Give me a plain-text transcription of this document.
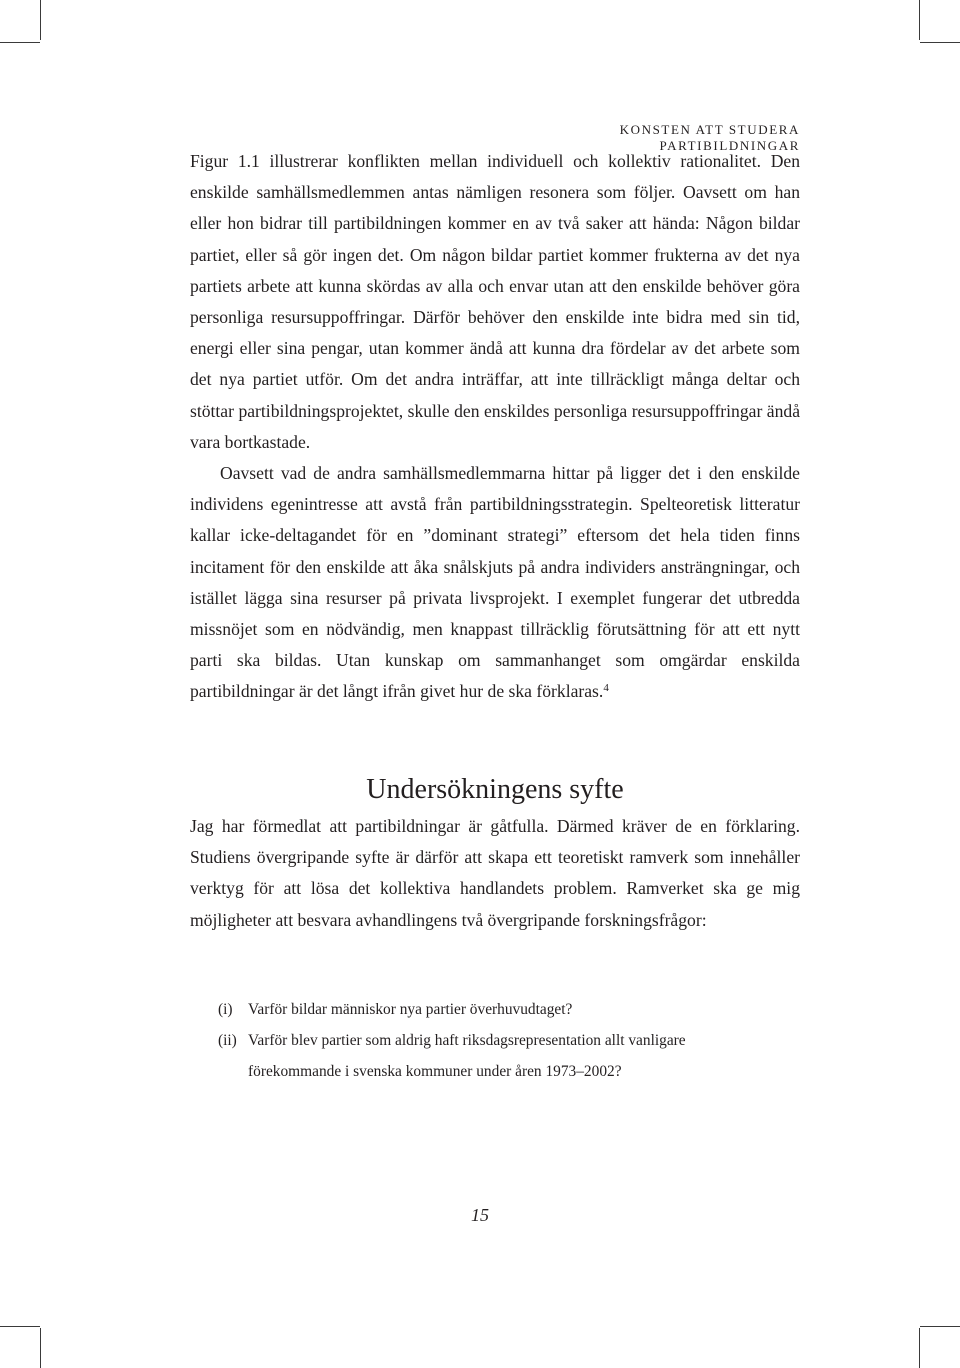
KONSTEN ATT STUDERA PARTIBILDNINGAR

Figur 1.1 illustrerar konflikten mellan individuell och kollektiv rationalitet. Den enskilde samhällsmedlemmen antas nämligen resonera som följer. Oavsett om han eller hon bidrar till partibildningen kommer en av två saker att hända: Någon bildar partiet, eller så gör ingen det. Om någon bildar partiet kommer frukterna av det nya partiets arbete att kunna skördas av alla och envar utan att den enskilde behöver göra personliga resursuppoffringar. Därför behöver den enskilde inte bidra med sin tid, energi eller sina pengar, utan kommer ändå att kunna dra fördelar av det arbete som det nya partiet utför. Om det andra inträffar, att inte tillräckligt många deltar och stöttar partibildningsprojektet, skulle den enskildes personliga resursuppoffringar ändå vara bortkastade.

Oavsett vad de andra samhällsmedlemmarna hittar på ligger det i den enskilde individens egenintresse att avstå från partibildningsstrategin. Spelteoretisk litteratur kallar icke-deltagandet för en ”dominant strategi” eftersom det hela tiden finns incitament för den enskilde att åka snålskjuts på andra individers ansträngningar, och istället lägga sina resurser på privata livsprojekt. I exemplet fungerar det utbredda missnöjet som en nödvändig, men knappast tillräcklig förutsättning för att ett nytt parti ska bildas. Utan kunskap om sammanhanget som omgärdar enskilda partibildningar är det långt ifrån givet hur de ska förklaras.$^4$

Undersökningens syfte

Jag har förmedlat att partibildningar är gåtfulla. Därmed kräver de en förklaring. Studiens övergripande syfte är därför att skapa ett teoretiskt ramverk som innehåller verktyg för att lösa det kollektiva handlandets problem. Ramverket ska ge mig möjligheter att besvara avhandlingens två övergripande forskningsfrågor:

(i)	Varför bildar människor nya partier överhuvudtaget?
(ii) Varför blev partier som aldrig haft riksdagsrepresentation allt vanligare förekommande i svenska kommuner under åren 1973–2002?
15
